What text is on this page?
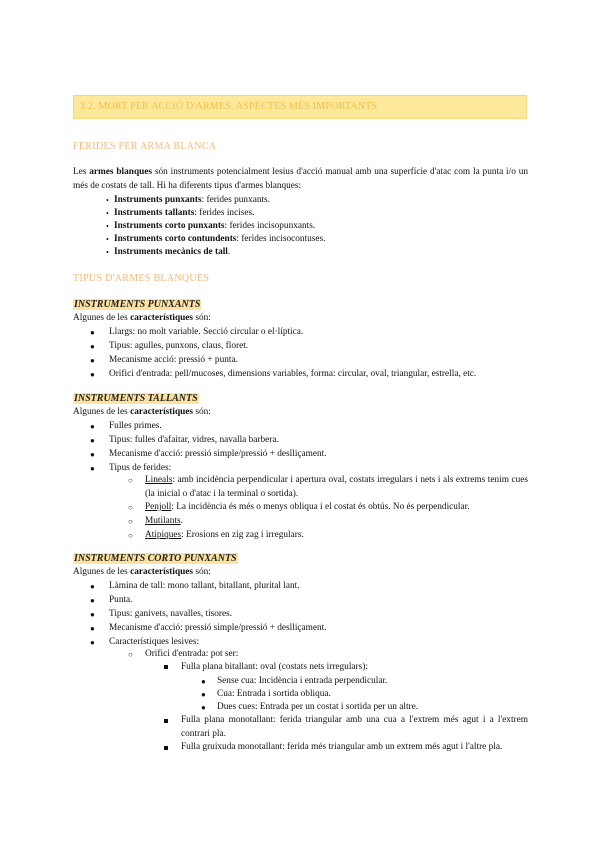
3.2. MORT PER ACCIÓ D'ARMES. ASPECTES MÉS IMPORTANTS
FERIDES PER ARMA BLANCA
Les armes blanques són instruments potencialment lesius d'acció manual amb una superfície d'atac com la punta i/o un més de costats de tall. Hi ha diferents tipus d'armes blanques:
• Instruments punxants: ferides punxants.
• Instruments tallants: ferides incises.
• Instruments corto punxants: ferides incisopunxants.
• Instruments corto contundents: ferides incisocontuses.
• Instruments mecànics de tall.
TIPUS D'ARMES BLANQUES
INSTRUMENTS PUNXANTS
Algunes de les característiques són:
● Llargs: no molt variable. Secció circular o el·líptica.
● Tipus: agulles, punxons, claus, floret.
● Mecanisme acció: pressió + punta.
● Orifici d'entrada: pell/mucoses, dimensions variables, forma: circular, oval, triangular, estrella, etc.
INSTRUMENTS TALLANTS
Algunes de les característiques són:
● Fulles primes.
● Tipus: fulles d'afaitar, vidres, navalla barbera.
● Mecanisme d'acció: pressió simple/pressió + deslliçament.
● Tipus de ferides:
○ Lineals: amb incidència perpendicular i apertura oval, costats irregulars i nets i als extrems tenim cues (la inicial o d'atac i la terminal o sortida).
○ Penjoll: La incidència és més o menys obliqua i el costat és obtús. No és perpendicular.
○ Mutilants.
○ Atípiques: Erosions en zig zag i irregulars.
INSTRUMENTS CORTO PUNXANTS
Algunes de les característiques són:
● Làmina de tall: mono tallant, bitallant, plurital lant.
● Punta.
● Tipus: ganivets, navalles, tisores.
● Mecanisme d'acció: pressió simple/pressió + deslliçament.
● Característiques lesives:
○ Orifici d'entrada: pot ser:
Fulla plana bitallant: oval (costats nets irregulars):
● Sense cua: Incidència i entrada perpendicular.
● Cua: Entrada i sortida obliqua.
● Dues cues: Entrada per un costat i sortida per un altre.
Fulla plana monotallant: ferida triangular amb una cua a l'extrem més agut i a l'extrem contrari pla.
Fulla gruixuda monotallant: ferida més triangular amb un extrem més agut i l'altre pla.
